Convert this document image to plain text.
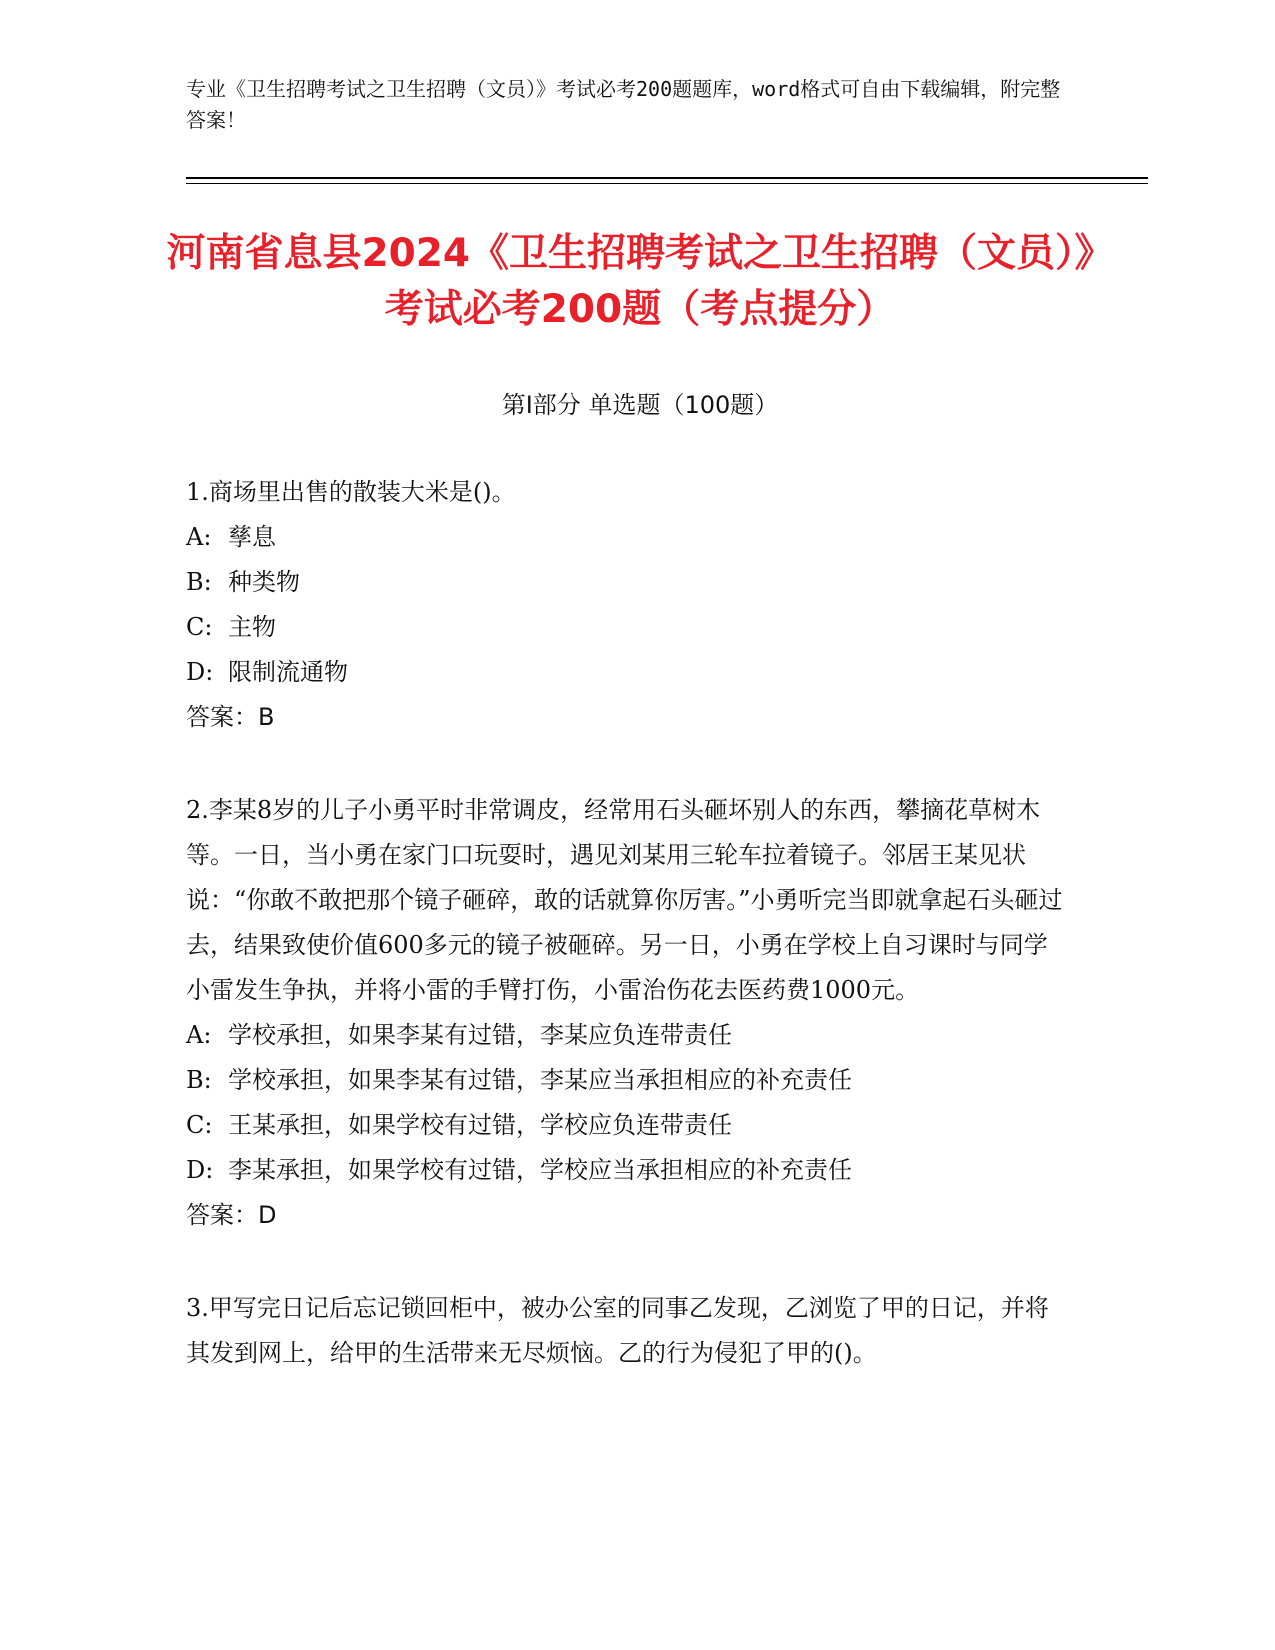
专业《卫生招聘考试之卫生招聘（文员）》考试必考200题题库，word格式可自由下载编辑，附完整答案！
河南省息县2024《卫生招聘考试之卫生招聘（文员）》考试必考200题（考点提分）
第Ⅰ部分 单选题（100题）
1.商场里出售的散装大米是()。
A: 孳息
B: 种类物
C: 主物
D: 限制流通物
答案：B
2.李某8岁的儿子小勇平时非常调皮，经常用石头砸坏别人的东西，攀摘花草树木等。一日，当小勇在家门口玩耍时，遇见刘某用三轮车拉着镜子。邻居王某见状说：“你敢不敢把那个镜子砸碎，敢的话就算你厉害。”小勇听完当即就拿起石头砸过去，结果致使价值600多元的镜子被砸碎。另一日，小勇在学校上自习课时与同学小雷发生争执，并将小雷的手臂打伤，小雷治伤花去医药费1000元。
A: 学校承担，如果李某有过错，李某应负连带责任
B: 学校承担，如果李某有过错，李某应当承担相应的补充责任
C: 王某承担，如果学校有过错，学校应负连带责任
D: 李某承担，如果学校有过错，学校应当承担相应的补充责任
答案：D
3.甲写完日记后忘记锁回柜中，被办公室的同事乙发现，乙浏览了甲的日记，并将其发到网上，给甲的生活带来无尽烦恼。乙的行为侵犯了甲的()。
